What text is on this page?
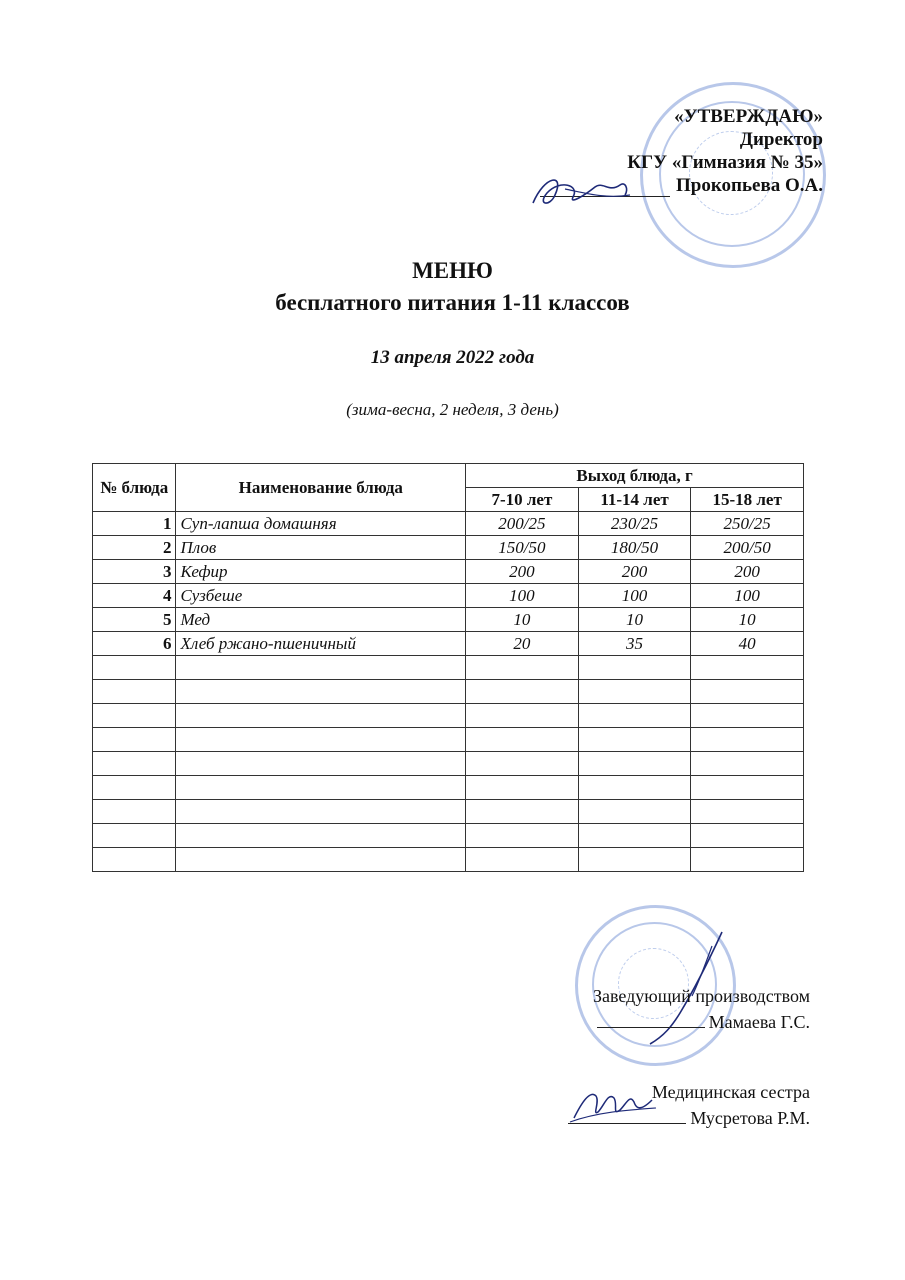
«УТВЕРЖДАЮ»
Директор
КГУ «Гимназия № 35»
Прокопьева О.А.
МЕНЮ
бесплатного питания 1-11 классов
13 апреля 2022 года
(зима-весна, 2 неделя, 3 день)
№ блюда	Наименование блюда	Выход блюда, г		
		7-10 лет	11-14 лет	15-18 лет
1	Суп-лапша домашняя	200/25	230/25	250/25
2	Плов	150/50	180/50	200/50
3	Кефир	200	200	200
4	Сузбеше	100	100	100
5	Мед	10	10	10
6	Хлеб ржано-пшеничный	20	35	40

Заведующий производством
Мамаева Г.С.
Медицинская сестра
Мусретова Р.М.
